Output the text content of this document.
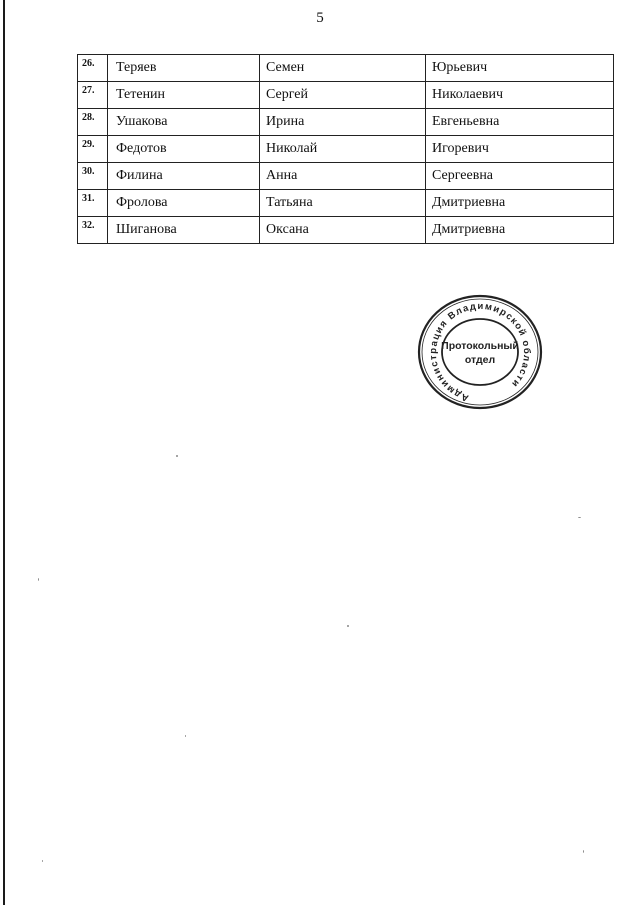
5
26.	Теряев	Семен	Юрьевич
27.	Тетенин	Сергей	Николаевич
28.	Ушакова	Ирина	Евгеньевна
29.	Федотов	Николай	Игоревич
30.	Филина	Анна	Сергеевна
31.	Фролова	Татьяна	Дмитриевна
32.	Шиганова	Оксана	Дмитриевна
Администрация Владимирской области
Протокольный
отдел
